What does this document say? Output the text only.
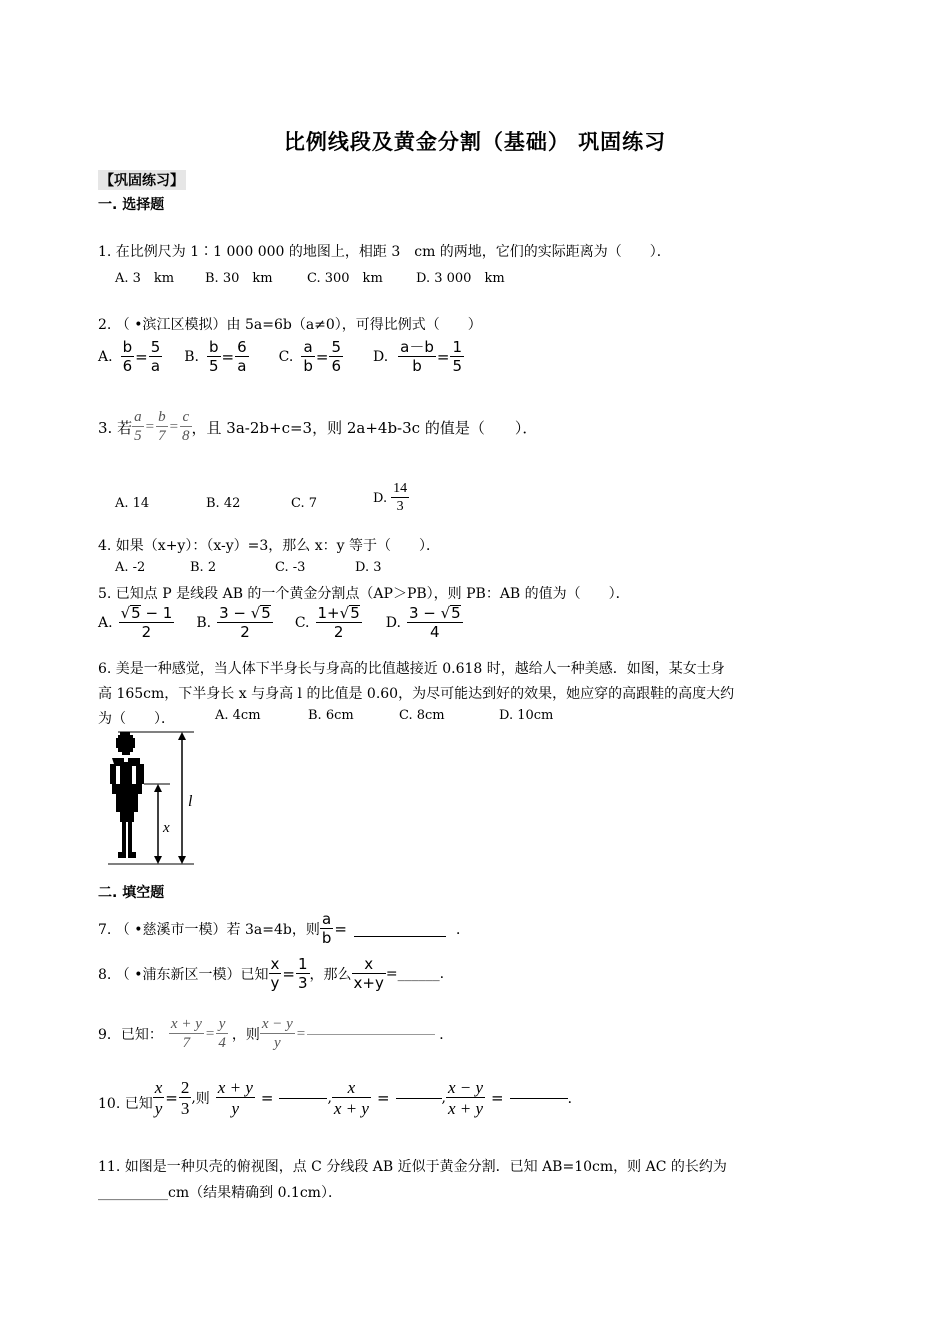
比例线段及黄金分割（基础） 巩固练习
【巩固练习】
一. 选择题
1. 在比例尺为 1∶1 000 000 的地图上，相距 3　cm 的两地，它们的实际距离为（　　）．
A. 3　km B. 30　km	C. 300　km	D. 3 000　km
2. （ •滨江区模拟）由 5a=6b（a≠0），可得比例式（　　）
A. $\frac{b}{6} = \frac{5}{a} B$. $\frac{b}{5} = \frac{6}{a} C$. $\frac{a}{b} = \frac{5}{6} D$. $\frac{a-b}{b} = \frac{1}{5}$
3. 若 $\frac{a}{5} = \frac{b}{7} = \frac{c}{8}$ ，且 3a-2b+c=3，则 2a+4b-3c 的值是（　　）．
A. 14	B. 42	C. 7	D. $\frac{14}{3}$
4. 如果（x+y）：（x-y）=3，那么 x：y 等于（　　）．
A. -2	B. 2	C. -3	D. 3
5. 已知点 P 是线段 AB 的一个黄金分割点（AP＞PB），则 PB：AB 的值为（　　）．
A. $\frac{√5 - 1}{2} B$. $\frac{3 - √5}{2} C$. $\frac{1+√5}{2} D$. $\frac{3 - √5}{4}$
6. 美是一种感觉，当人体下半身长与身高的比值越接近 0.618 时，越给人一种美感．如图，某女士身
高 165cm，下半身长 x 与身高 l 的比值是 0.60，为尽可能达到好的效果，她应穿的高跟鞋的高度大约
为（　　）．	A. 4cm	B. 6cm	C. 8cm	D. 10cm
l
x
二. 填空题
7. （ •慈溪市一模）若 3a=4b，则 $\frac{a}{b}$ =	．
8. （ •浦东新区一模）已知 $\frac{x}{y} = \frac{1}{3}$ ，那么 $\frac{x}{x+y}$ =______.
9．已知： $\frac{x + y}{7} = \frac{y}{4}$ ，则 $\frac{x - y}{y}$ =	．
10. 已知 $\frac{x}{y} = \frac{2}{3}$ , 则 $\frac{x + y}{y}$ =	, $\frac{x}{x + y}$ =	, $\frac{x - y}{x + y}$ =	．
11. 如图是一种贝壳的俯视图，点 C 分线段 AB 近似于黄金分割．已知 AB=10cm，则 AC 的长约为
__________cm（结果精确到 0.1cm）．
